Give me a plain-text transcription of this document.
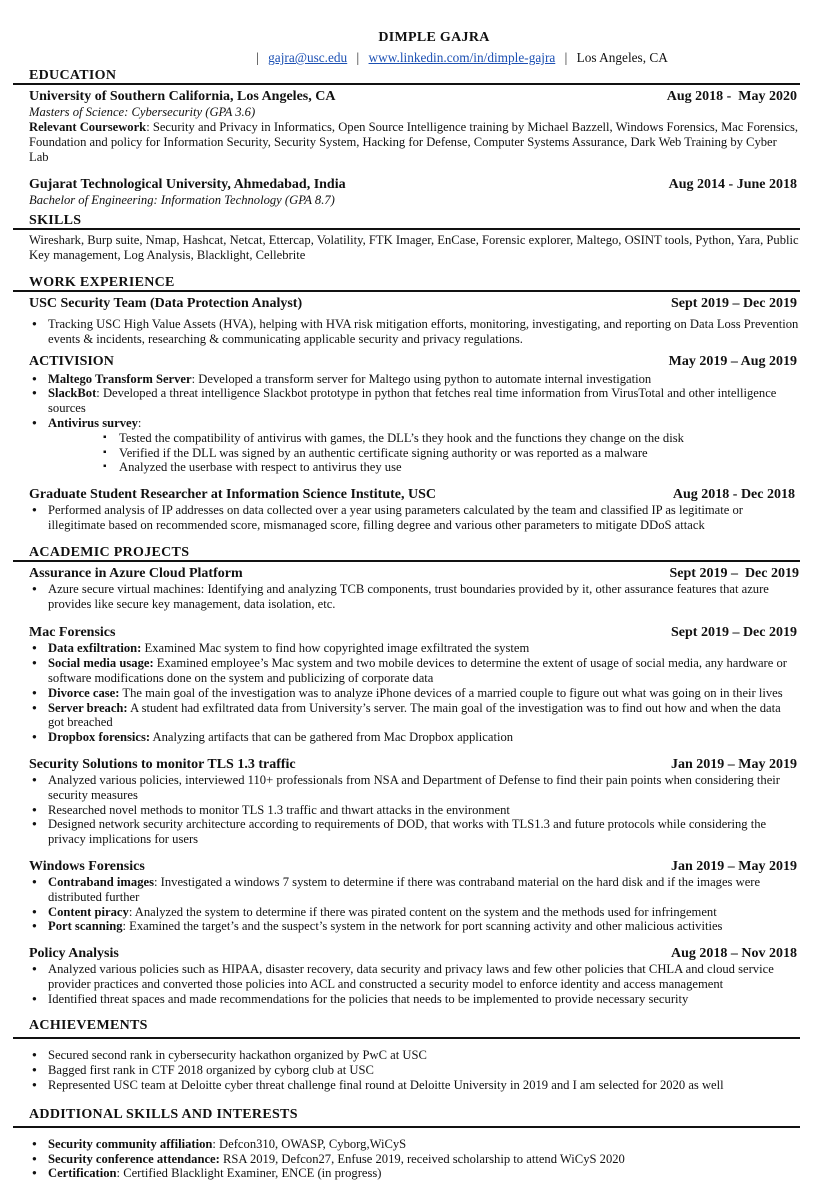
DIMPLE GAJRA
| gajra@usc.edu | www.linkedin.com/in/dimple-gajra | Los Angeles, CA
EDUCATION
University of Southern California, Los Angeles, CA	Aug 2018 -  May 2020
Masters of Science: Cybersecurity (GPA 3.6)
Relevant Coursework: Security and Privacy in Informatics, Open Source Intelligence training by Michael Bazzell, Windows Forensics, Mac Forensics, Foundation and policy for Information Security, Security System, Hacking for Defense, Computer Systems Assurance, Dark Web Training by Cyber Lab
Gujarat Technological University, Ahmedabad, India	Aug 2014 - June 2018
Bachelor of Engineering: Information Technology (GPA 8.7)
SKILLS
Wireshark, Burp suite, Nmap, Hashcat, Netcat, Ettercap, Volatility, FTK Imager, EnCase, Forensic explorer, Maltego, OSINT tools, Python, Yara, Public Key management, Log Analysis, Blacklight, Cellebrite
WORK EXPERIENCE
USC Security Team (Data Protection Analyst)	Sept 2019 – Dec 2019
● Tracking USC High Value Assets (HVA), helping with HVA risk mitigation efforts, monitoring, investigating, and reporting on Data Loss Prevention events & incidents, researching & communicating applicable security and privacy regulations.
ACTIVISION	May 2019 – Aug 2019
● Maltego Transform Server: Developed a transform server for Maltego using python to automate internal investigation
● SlackBot: Developed a threat intelligence Slackbot prototype in python that fetches real time information from VirusTotal and other intelligence sources
● Antivirus survey:
▪ Tested the compatibility of antivirus with games, the DLL’s they hook and the functions they change on the disk
▪ Verified if the DLL was signed by an authentic certificate signing authority or was reported as a malware
▪ Analyzed the userbase with respect to antivirus they use
Graduate Student Researcher at Information Science Institute, USC	Aug 2018 - Dec 2018
● Performed analysis of IP addresses on data collected over a year using parameters calculated by the team and classified IP as legitimate or illegitimate based on recommended score, mismanaged score, filling degree and various other parameters to mitigate DDoS attack
ACADEMIC PROJECTS
Assurance in Azure Cloud Platform	Sept 2019 –  Dec 2019
● Azure secure virtual machines: Identifying and analyzing TCB components, trust boundaries provided by it, other assurance features that azure provides like secure key management, data isolation, etc.
Mac Forensics	Sept 2019 – Dec 2019
● Data exfiltration: Examined Mac system to find how copyrighted image exfiltrated the system
● Social media usage: Examined employee’s Mac system and two mobile devices to determine the extent of usage of social media, any hardware or software modifications done on the system and publicizing of corporate data
● Divorce case: The main goal of the investigation was to analyze iPhone devices of a married couple to figure out what was going on in their lives
● Server breach: A student had exfiltrated data from University’s server. The main goal of the investigation was to find out how and when the data got breached
● Dropbox forensics: Analyzing artifacts that can be gathered from Mac Dropbox application
Security Solutions to monitor TLS 1.3 traffic	Jan 2019 – May 2019
● Analyzed various policies, interviewed 110+ professionals from NSA and Department of Defense to find their pain points when considering their security measures
● Researched novel methods to monitor TLS 1.3 traffic and thwart attacks in the environment
● Designed network security architecture according to requirements of DOD, that works with TLS1.3 and future protocols while considering the privacy implications for users
Windows Forensics	Jan 2019 – May 2019
● Contraband images: Investigated a windows 7 system to determine if there was contraband material on the hard disk and if the images were distributed further
● Content piracy: Analyzed the system to determine if there was pirated content on the system and the methods used for infringement
● Port scanning: Examined the target’s and the suspect’s system in the network for port scanning activity and other malicious activities
Policy Analysis	Aug 2018 – Nov 2018
● Analyzed various policies such as HIPAA, disaster recovery, data security and privacy laws and few other policies that CHLA and cloud service provider practices and converted those policies into ACL and constructed a security model to enforce identity and access management
● Identified threat spaces and made recommendations for the policies that needs to be implemented to provide necessary security
ACHIEVEMENTS
● Secured second rank in cybersecurity hackathon organized by PwC at USC
● Bagged first rank in CTF 2018 organized by cyborg club at USC
● Represented USC team at Deloitte cyber threat challenge final round at Deloitte University in 2019 and I am selected for 2020 as well
ADDITIONAL SKILLS AND INTERESTS
● Security community affiliation: Defcon310, OWASP, Cyborg,WiCyS
● Security conference attendance: RSA 2019, Defcon27, Enfuse 2019, received scholarship to attend WiCyS 2020
● Certification: Certified Blacklight Examiner, ENCE (in progress)
